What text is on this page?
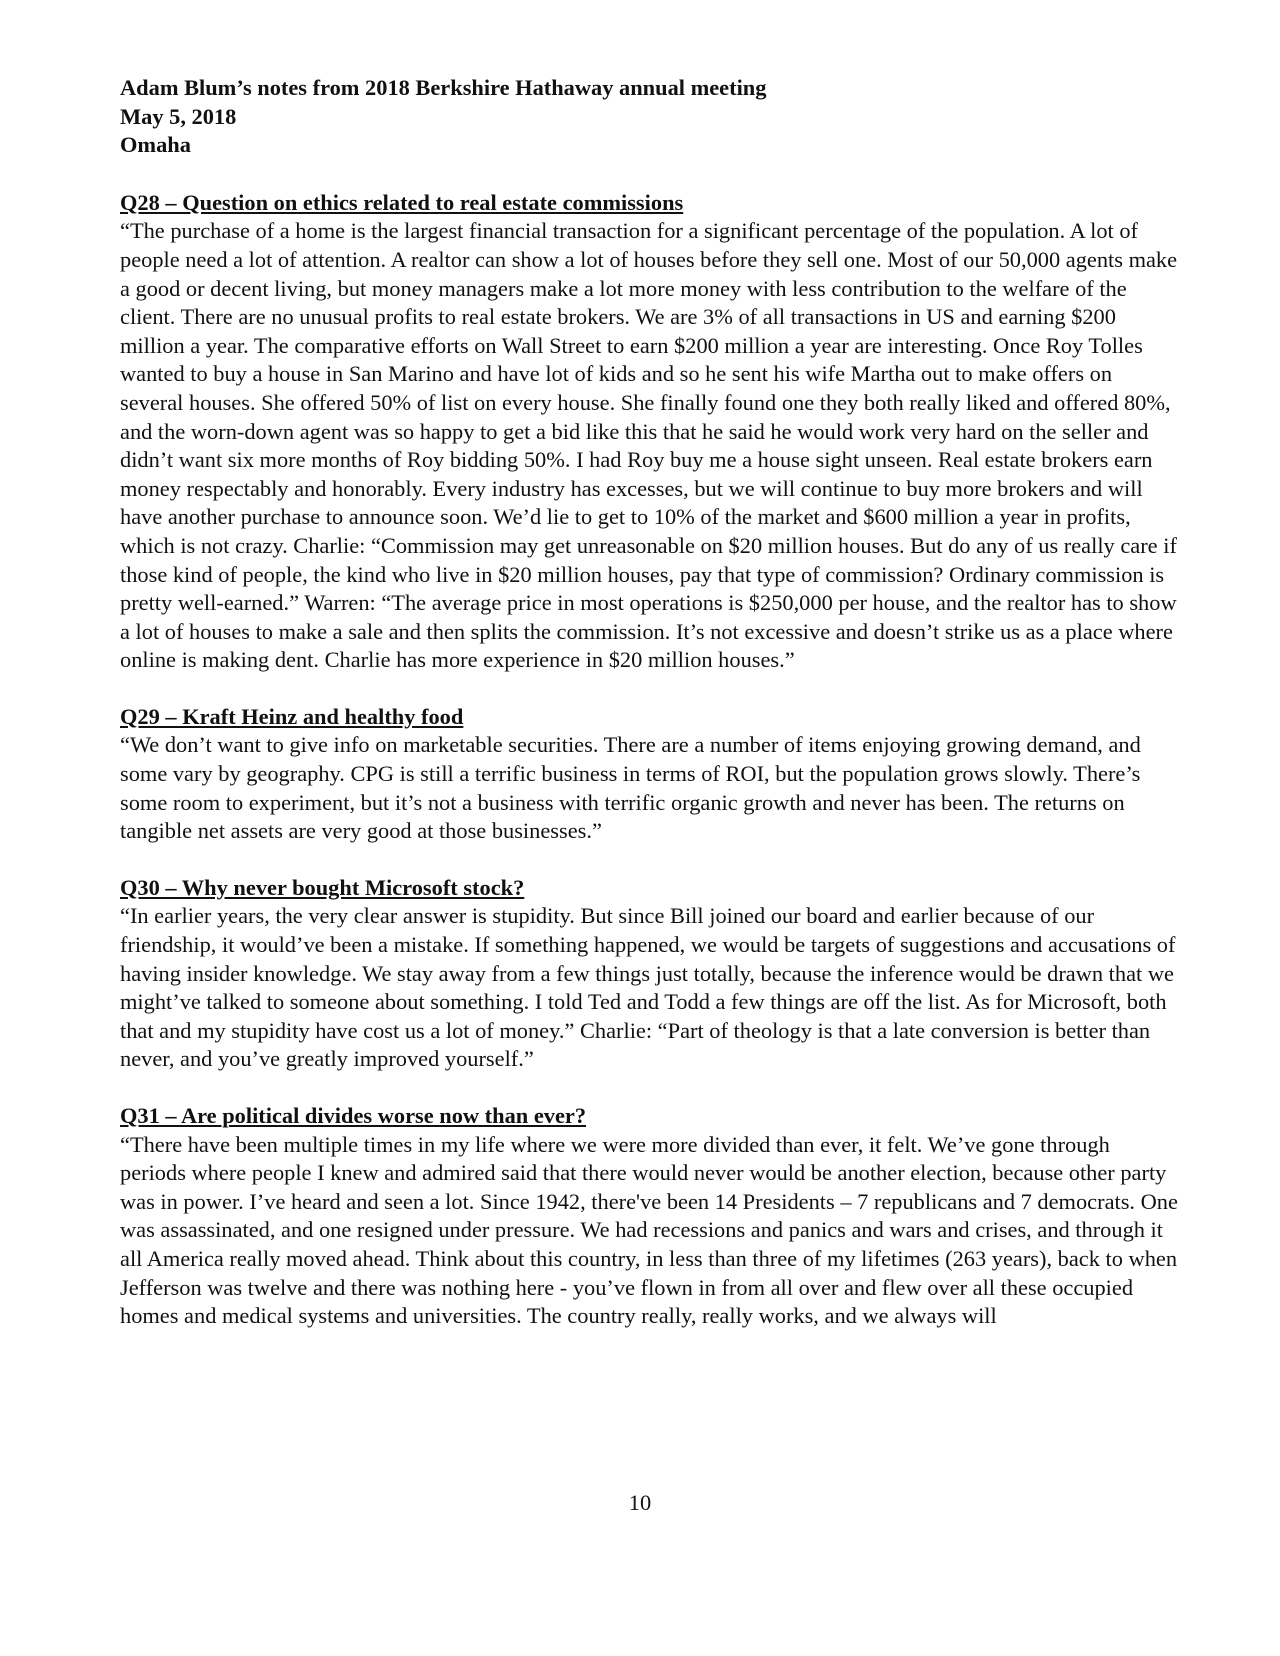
Adam Blum’s notes from 2018 Berkshire Hathaway annual meeting
May 5, 2018
Omaha
Q28 – Question on ethics related to real estate commissions

“The purchase of a home is the largest financial transaction for a significant percentage of the population. A lot of people need a lot of attention. A realtor can show a lot of houses before they sell one. Most of our 50,000 agents make a good or decent living, but money managers make a lot more money with less contribution to the welfare of the client. There are no unusual profits to real estate brokers. We are 3% of all transactions in US and earning $200 million a year. The comparative efforts on Wall Street to earn $200 million a year are interesting. Once Roy Tolles wanted to buy a house in San Marino and have lot of kids and so he sent his wife Martha out to make offers on several houses. She offered 50% of list on every house. She finally found one they both really liked and offered 80%, and the worn-down agent was so happy to get a bid like this that he said he would work very hard on the seller and didn’t want six more months of Roy bidding 50%. I had Roy buy me a house sight unseen. Real estate brokers earn money respectably and honorably. Every industry has excesses, but we will continue to buy more brokers and will have another purchase to announce soon. We’d lie to get to 10% of the market and $600 million a year in profits, which is not crazy. Charlie: “Commission may get unreasonable on $20 million houses. But do any of us really care if those kind of people, the kind who live in $20 million houses, pay that type of commission? Ordinary commission is pretty well-earned.” Warren: “The average price in most operations is $250,000 per house, and the realtor has to show a lot of houses to make a sale and then splits the commission. It’s not excessive and doesn’t strike us as a place where online is making dent. Charlie has more experience in $20 million houses.”

Q29 – Kraft Heinz and healthy food

“We don’t want to give info on marketable securities. There are a number of items enjoying growing demand, and some vary by geography. CPG is still a terrific business in terms of ROI, but the population grows slowly. There’s some room to experiment, but it’s not a business with terrific organic growth and never has been. The returns on tangible net assets are very good at those businesses.”

Q30 – Why never bought Microsoft stock?

“In earlier years, the very clear answer is stupidity. But since Bill joined our board and earlier because of our friendship, it would’ve been a mistake. If something happened, we would be targets of suggestions and accusations of having insider knowledge. We stay away from a few things just totally, because the inference would be drawn that we might’ve talked to someone about something. I told Ted and Todd a few things are off the list. As for Microsoft, both that and my stupidity have cost us a lot of money.” Charlie: “Part of theology is that a late conversion is better than never, and you’ve greatly improved yourself.”

Q31 – Are political divides worse now than ever?

“There have been multiple times in my life where we were more divided than ever, it felt. We’ve gone through periods where people I knew and admired said that there would never would be another election, because other party was in power. I’ve heard and seen a lot. Since 1942, there've been 14 Presidents – 7 republicans and 7 democrats. One was assassinated, and one resigned under pressure. We had recessions and panics and wars and crises, and through it all America really moved ahead. Think about this country, in less than three of my lifetimes (263 years), back to when Jefferson was twelve and there was nothing here - you’ve flown in from all over and flew over all these occupied homes and medical systems and universities. The country really, really works, and we always will

10
